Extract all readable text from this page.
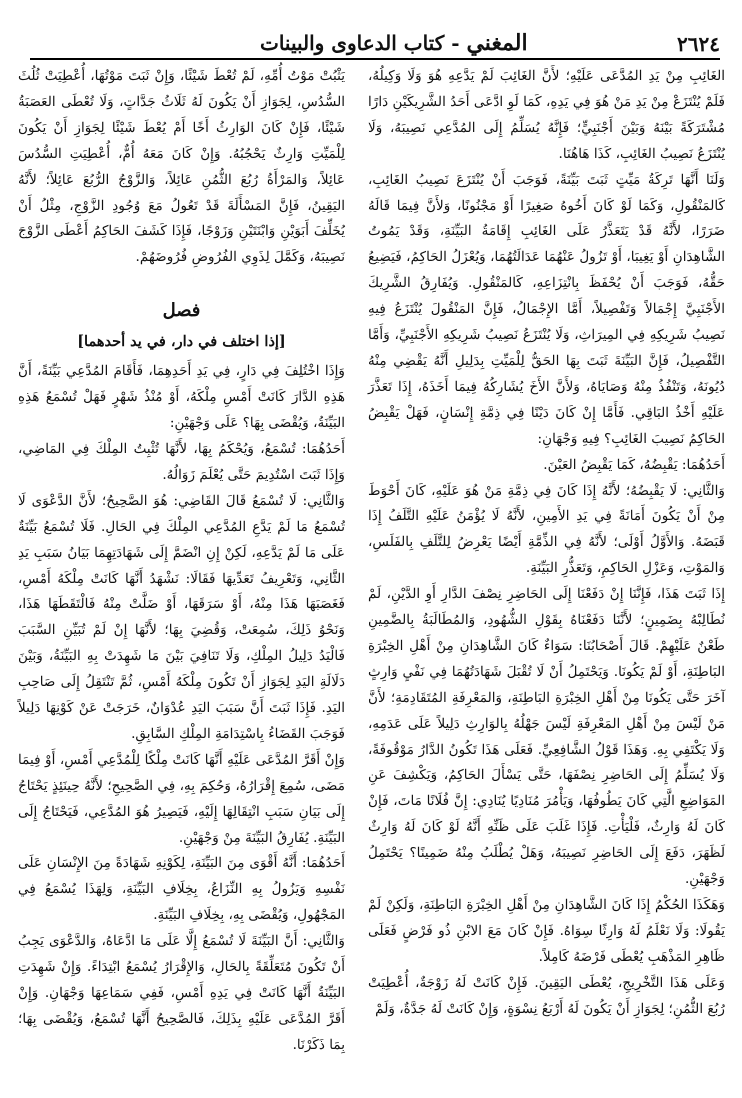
٢٦٢٤
المغني - كتاب الدعاوى والبينات

الغَائِبِ مِنْ يَدِ المُدَّعَى عَلَيْهِ؛ لأَنَّ الغَائِبَ لَمْ يَدَّعِهِ هُوَ وَلَا وَكِيلُهُ، فَلَمْ يُنْتَزَعْ مِنْ يَدِ مَنْ هُوَ فِي يَدِهِ، كَمَا لَوِ ادَّعَى أَحَدُ الشَّرِيكَيْنِ دَارًا مُشْتَرَكَةً بَيْنَهُ وَبَيْنَ أَجْنَبِيٍّ؛ فَإِنَّهُ يُسَلِّمُ إِلَى المُدَّعِي نَصِيبَهُ، وَلَا يُنْتَزَعُ نَصِيبُ الغَائِبِ، كَذَا هَاهُنَا.

وَلَنَا أَنَّهَا تَرِكَةُ مَيِّتٍ ثَبَتَ بَيِّنَةً، فَوَجَبَ أَنْ يُنْتَزَعَ نَصِيبُ الغَائِبِ، كَالمَنْقُولِ، وَكَمَا لَوْ كَانَ أَخُوهُ صَغِيرًا أَوْ مَجْنُونًا، وَلأَنَّ فِيمَا قَالَهُ ضَرَرًا، لأَنَّهُ قَدْ يَتَعَذَّرُ عَلَى الغَائِبِ إِقَامَةُ البَيِّنَةِ، وَقَدْ يَمُوتُ الشَّاهِدَانِ أَوْ يَغِيبَا، أَوْ تَزُولُ عَنْهُمَا عَدَالَتُهُمَا، وَيُعْزَلُ الحَاكِمُ، فَيَضِيعُ حَقُّهُ، فَوَجَبَ أَنْ يُحْفَظَ بِانْتِزَاعِهِ، كَالمَنْقُولِ. وَيُفَارِقُ الشَّرِيكَ الأَجْنَبِيَّ إِجْمَالاً وَتَفْصِيلاً، أَمَّا الإِجْمَالُ، فَإِنَّ المَنْقُولَ يُنْتَزَعُ فِيهِ نَصِيبُ شَرِيكِهِ فِي المِيرَاثِ، وَلَا يُنْتَزَعُ نَصِيبُ شَرِيكِهِ الأَجْنَبِيِّ، وَأَمَّا التَّفْصِيلُ، فَإِنَّ البَيِّنَةَ ثَبَتَ بِهَا الحَقُّ لِلْمَيِّتِ بِدَلِيلِ أَنَّهُ يَقْضِي مِنْهُ دُيُونَهُ، وَتَنْفُذُ مِنْهُ وَصَايَاهُ، وَلأَنَّ الأَخَ يُشَارِكُهُ فِيمَا أَخَذَهُ، إِذَا تَعَذَّرَ عَلَيْهِ أَخْذُ البَاقِي. فَأَمَّا إِنْ كَانَ دَيْنًا فِي ذِمَّةِ إِنْسَانٍ، فَهَلْ يَقْبِضُ الحَاكِمُ نَصِيبَ الغَائِبِ؟ فِيهِ وَجْهَانِ:

أَحَدُهُمَا: يَقْبِضُهُ، كَمَا يَقْبِضُ العَيْنَ.

وَالثَّانِي: لَا يَقْبِضُهُ؛ لأَنَّهُ إِذَا كَانَ فِي ذِمَّةِ مَنْ هُوَ عَلَيْهِ، كَانَ أَحْوَطَ مِنْ أَنْ يَكُونَ أَمَانَةً فِي يَدِ الأَمِينِ، لأَنَّهُ لَا يُؤْمَنُ عَلَيْهِ التَّلَفُ إِذَا قَبَضَهُ. وَالأَوَّلُ أَوْلَى؛ لأَنَّهُ فِي الذِّمَّةِ أَيْضًا يَعْرِضُ لِلتَّلَفِ بِالفَلَسِ، وَالمَوْتِ، وَعَزْلِ الحَاكِمِ، وَتَعَذُّرِ البَيِّنَةِ.

إِذَا ثَبَتَ هَذَا، فَإِنَّنَا إِنْ دَفَعْنَا إِلَى الحَاضِرِ نِصْفَ الدَّارِ أَوِ الدَّيْنِ، لَمْ نُطَالِبْهُ بِضَمِينٍ؛ لأَنَّنَا دَفَعْنَاهُ بِقَوْلِ الشُّهُودِ، وَالمُطَالَبَةُ بِالضَّمِينِ طَعْنٌ عَلَيْهِمْ. قَالَ أَصْحَابُنَا: سَوَاءٌ كَانَ الشَّاهِدَانِ مِنْ أَهْلِ الخِبْرَةِ البَاطِنَةِ، أَوْ لَمْ يَكُونَا. وَيَحْتَمِلُ أَنْ لَا تُقْبَلَ شَهَادَتُهُمَا فِي نَفْيِ وَارِثٍ آخَرَ حَتَّى يَكُونَا مِنْ أَهْلِ الخِبْرَةِ البَاطِنَةِ، وَالمَعْرِفَةِ المُتَقَادِمَةِ؛ لأَنَّ مَنْ لَيْسَ مِنْ أَهْلِ المَعْرِفَةِ لَيْسَ جَهْلُهُ بِالوَارِثِ دَلِيلاً عَلَى عَدَمِهِ، وَلَا يَكْتَفِي بِهِ. وَهَذَا قَوْلُ الشَّافِعِيِّ. فَعَلَى هَذَا تَكُونُ الدَّارُ مَوْقُوفَةً، وَلَا يُسَلِّمُ إِلَى الحَاضِرِ نِصْفَهَا، حَتَّى يَسْأَلَ الحَاكِمُ، وَيَكْشِفَ عَنِ المَوَاضِعِ الَّتِي كَانَ يَطُوفُهَا، وَيَأْمُرَ مُنَادِيًا يُنَادِي: إِنَّ فُلَانًا مَاتَ، فَإِنْ كَانَ لَهُ وَارِثٌ، فَلْيَأْتِ. فَإِذَا غَلَبَ عَلَى ظَنِّهِ أَنَّهُ لَوْ كَانَ لَهُ وَارِثٌ لَظَهَرَ، دَفَعَ إِلَى الحَاضِرِ نَصِيبَهُ، وَهَلْ يُطْلَبُ مِنْهُ ضَمِينًا؟ يَحْتَمِلُ وَجْهَيْنِ.

وَهَكَذَا الحُكْمُ إِذَا كَانَ الشَّاهِدَانِ مِنْ أَهْلِ الخِبْرَةِ البَاطِنَةِ، وَلَكِنْ لَمْ يَقُولَا: وَلَا نَعْلَمُ لَهُ وَارِثًا سِوَاهُ. فَإِنْ كَانَ مَعَ الابْنِ ذُو فَرْضٍ فَعَلَى ظَاهِرِ المَذْهَبِ يُعْطَى فَرْضَهُ كَامِلاً.

وَعَلَى هَذَا التَّخْرِيجِ، يُعْطَى اليَقِينَ. فَإِنْ كَانَتْ لَهُ زَوْجَةٌ، أُعْطِيَتْ رُبُعَ الثُّمُنِ؛ لِجَوَازِ أَنْ يَكُونَ لَهُ أَرْبَعُ نِسْوَةٍ، وَإِنْ كَانَتْ لَهُ جَدَّةٌ، وَلَمْ

يَثْبُتْ مَوْتُ أُمِّهِ، لَمْ تُعْطَ شَيْئًا، وَإِنْ ثَبَتَ مَوْتُهَا، أُعْطِيَتْ ثُلُثَ السُّدُسِ، لِجَوَازِ أَنْ يَكُونَ لَهُ ثَلَاثُ جَدَّاتٍ، وَلَا تُعْطَى العَصَبَةُ شَيْئًا، فَإِنْ كَانَ الوَارِثُ أَخًا أَمْ يُعْطَ شَيْئًا لِجَوَازِ أَنْ يَكُونَ لِلْمَيِّتِ وَارِثٌ يَحْجُبُهُ. وَإِنْ كَانَ مَعَهُ أُمٌّ، أُعْطِيَتِ السُّدُسَ عَائِلاً، وَالمَرْأَةُ رُبُعَ الثُّمُنِ عَائِلاً، وَالزَّوْجُ الرُّبُعَ عَائِلاً؛ لأَنَّهُ اليَقِينُ، فَإِنَّ المَسْأَلَةَ قَدْ تَعُولُ مَعَ وُجُودِ الزَّوْجِ، مِثْلُ أَنْ يُخَلِّفَ أَبَوَيْنِ وَابْنَتَيْنِ وَزَوْجًا، فَإِذَا كَشَفَ الحَاكِمُ أَعْطَى الزَّوْجَ نَصِيبَهُ، وَكَمَّلَ لِذَوِي الفُرُوضِ فُرُوضَهُمْ.

فصل
[إذا اختلف في دار، في يد أحدهما]

وَإِذَا اخْتُلِفَ فِي دَارٍ، فِي يَدِ أَحَدِهِمَا، فَأَقَامَ المُدَّعِي بَيِّنَةً، أَنَّ هَذِهِ الدَّارَ كَانَتْ أَمْسِ مِلْكَهُ، أَوْ مُنْذُ شَهْرٍ فَهَلْ تُسْمَعُ هَذِهِ البَيِّنَةُ، وَيُقْضَى بِهَا؟ عَلَى وَجْهَيْنِ:

أَحَدُهُمَا: تُسْمَعُ، وَيُحْكَمُ بِهَا، لأَنَّهَا تُثْبِتُ المِلْكَ فِي المَاضِي، وَإِذَا ثَبَتَ اسْتُدِيمَ حَتَّى يُعْلَمَ زَوَالُهُ.

وَالثَّانِي: لَا تُسْمَعُ قَالَ القَاضِي: هُوَ الصَّحِيحُ؛ لأَنَّ الدَّعْوَى لَا تُسْمَعُ مَا لَمْ يَدَّعِ المُدَّعِي المِلْكَ فِي الحَالِ. فَلَا تُسْمَعُ بَيِّنَةٌ عَلَى مَا لَمْ يَدَّعِهِ، لَكِنْ إِنِ انْضَمَّ إِلَى شَهَادَتِهِمَا بَيَانُ سَبَبِ يَدِ الثَّانِي، وَتَعْرِيفُ تَعَدِّيهَا فَقَالَا: نَشْهَدُ أَنَّهَا كَانَتْ مِلْكَهُ أَمْسِ، فَغَصَبَهَا هَذَا مِنْهُ، أَوْ سَرَقَهَا، أَوْ ضَلَّتْ مِنْهُ فَالْتَقَطَهَا هَذَا، وَنَحْوُ ذَلِكَ، سُمِعَتْ، وَقُضِيَ بِهَا؛ لأَنَّهَا إِنْ لَمْ تُبَيِّنِ السَّبَبَ فَالْيَدُ دَلِيلُ المِلْكِ، وَلَا تَنَافِيَ بَيْنَ مَا شَهِدَتْ بِهِ البَيِّنَةُ، وَبَيْنَ دَلَالَةِ اليَدِ لِجَوَازِ أَنْ تَكُونَ مِلْكَهُ أَمْسِ، ثُمَّ تَنْتَقِلُ إِلَى صَاحِبِ اليَدِ. فَإِذَا ثَبَتَ أَنَّ سَبَبَ اليَدِ عُدْوَانٌ، خَرَجَتْ عَنْ كَوْنِهَا دَلِيلاً فَوَجَبَ القَضَاءُ بِاسْتِدَامَةِ المِلْكِ السَّابِقِ.

وَإِنْ أَقَرَّ المُدَّعَى عَلَيْهِ أَنَّهَا كَانَتْ مِلْكًا لِلْمُدَّعِي أَمْسِ، أَوْ فِيمَا مَضَى، سُمِعَ إِقْرَارُهُ، وَحُكِمَ بِهِ، فِي الصَّحِيحِ؛ لأَنَّهُ حِينَئِذٍ يَحْتَاجُ إِلَى بَيَانِ سَبَبِ انْتِقَالِهَا إِلَيْهِ، فَيَصِيرُ هُوَ المُدَّعِي، فَيَحْتَاجُ إِلَى البَيِّنَةِ. يُفَارِقُ البَيِّنَةَ مِنْ وَجْهَيْنِ.

أَحَدُهُمَا: أَنَّهُ أَقْوَى مِنَ البَيِّنَةِ، لِكَوْنِهِ شَهَادَةً مِنَ الإِنْسَانِ عَلَى نَفْسِهِ وَيَزُولُ بِهِ النِّزَاعُ، بِخِلَافِ البَيِّنَةِ، وَلِهَذَا يُسْمَعُ فِي المَجْهُولِ، وَيُقْضَى بِهِ، بِخِلَافِ البَيِّنَةِ.

وَالثَّانِي: أَنَّ البَيِّنَةَ لَا تُسْمَعُ إِلَّا عَلَى مَا ادَّعَاهُ، وَالدَّعْوَى يَجِبُ أَنْ تَكُونَ مُتَعَلِّقَةً بِالحَالِ، وَالإِقْرَارُ يُسْمَعُ ابْتِدَاءً. وَإِنْ شَهِدَتِ البَيِّنَةُ أَنَّهَا كَانَتْ فِي يَدِهِ أَمْسِ، فَفِي سَمَاعِهَا وَجْهَانِ. وَإِنْ أَقَرَّ المُدَّعَى عَلَيْهِ بِذَلِكَ، فَالصَّحِيحُ أَنَّهَا تُسْمَعُ، وَيُقْضَى بِهَا؛ بِمَا ذَكَرْنَا.
